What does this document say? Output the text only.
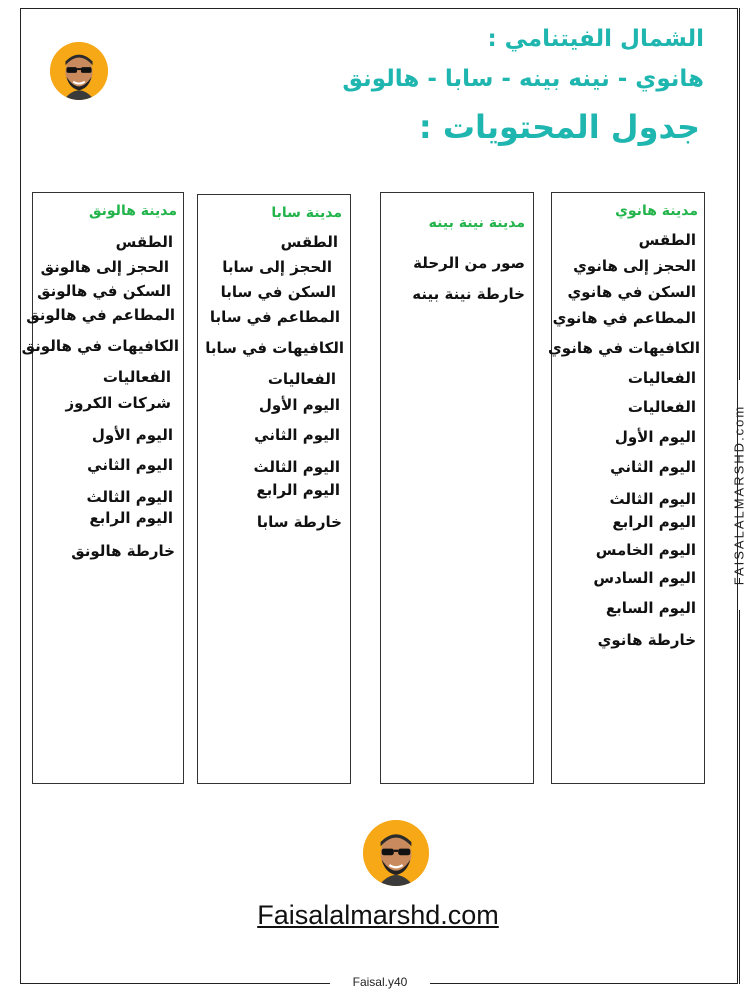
FAISALALMARSHD.com
الشمال الفيتنامي :
هانوي - نينه بينه - سابا - هالونق
جدول المحتويات :
مدينة هانوي
الطقس
الحجز إلى هانوي
السكن في هانوي
المطاعم في هانوي
الكافيهات في هانوي
الفعاليات
الفعاليات
اليوم الأول
اليوم الثاني
اليوم الثالث
اليوم الرابع
اليوم الخامس
اليوم السادس
اليوم السابع
خارطة هانوي
مدينة نينة بينه
صور من الرحلة
خارطة نينة بينه
مدينة سابا
الطقس
الحجز إلى سابا
السكن في سابا
المطاعم في سابا
الكافيهات في سابا
الفعاليات
اليوم الأول
اليوم الثاني
اليوم الثالث
اليوم الرابع
خارطة سابا
مدينة هالونق
الطقس
الحجز إلى هالونق
السكن في هالونق
المطاعم في هالونق
الكافيهات في هالونق
الفعاليات
شركات الكروز
اليوم الأول
اليوم الثاني
اليوم الثالث
اليوم الرابع
خارطة هالونق
Faisalalmarshd.com
Faisal.y40
